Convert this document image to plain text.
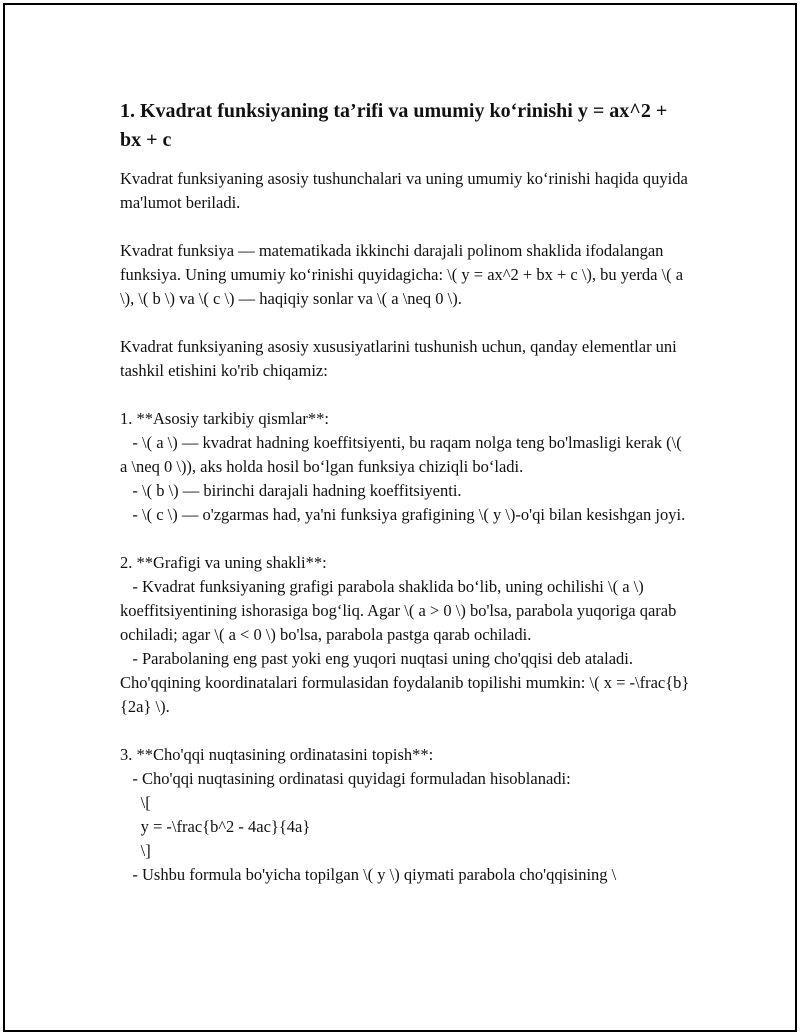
1. Kvadrat funksiyaning ta’rifi va umumiy ko‘rinishi y = ax^2 + bx + c

Kvadrat funksiyaning asosiy tushunchalari va uning umumiy ko‘rinishi haqida quyida ma'lumot beriladi.

Kvadrat funksiya — matematikada ikkinchi darajali polinom shaklida ifodalangan funksiya. Uning umumiy ko‘rinishi quyidagicha: \( y = ax^2 + bx + c \), bu yerda \( a \), \( b \) va \( c \) — haqiqiy sonlar va \( a \neq 0 \).

Kvadrat funksiyaning asosiy xususiyatlarini tushunish uchun, qanday elementlar uni tashkil etishini ko'rib chiqamiz:

1. **Asosiy tarkibiy qismlar**:
- \( a \) — kvadrat hadning koeffitsiyenti, bu raqam nolga teng bo'lmasligi kerak (\( a \neq 0 \)), aks holda hosil bo‘lgan funksiya chiziqli bo‘ladi.
- \( b \) — birinchi darajali hadning koeffitsiyenti.
- \( c \) — o'zgarmas had, ya'ni funksiya grafigining \( y \)-o'qi bilan kesishgan joyi.

2. **Grafigi va uning shakli**:
- Kvadrat funksiyaning grafigi parabola shaklida bo‘lib, uning ochilishi \( a \) koeffitsiyentining ishorasiga bog‘liq. Agar \( a > 0 \) bo'lsa, parabola yuqoriga qarab ochiladi; agar \( a < 0 \) bo'lsa, parabola pastga qarab ochiladi.
- Parabolaning eng past yoki eng yuqori nuqtasi uning cho'qqisi deb ataladi. Cho'qqining koordinatalari formulasidan foydalanib topilishi mumkin: \( x = -\frac{b}{2a} \).

3. **Cho'qqi nuqtasining ordinatasini topish**:
- Cho'qqi nuqtasining ordinatasi quyidagi formuladan hisoblanadi:
\[
y = -\frac{b^2 - 4ac}{4a}
\]
- Ushbu formula bo'yicha topilgan \( y \) qiymati parabola cho'qqisining \
